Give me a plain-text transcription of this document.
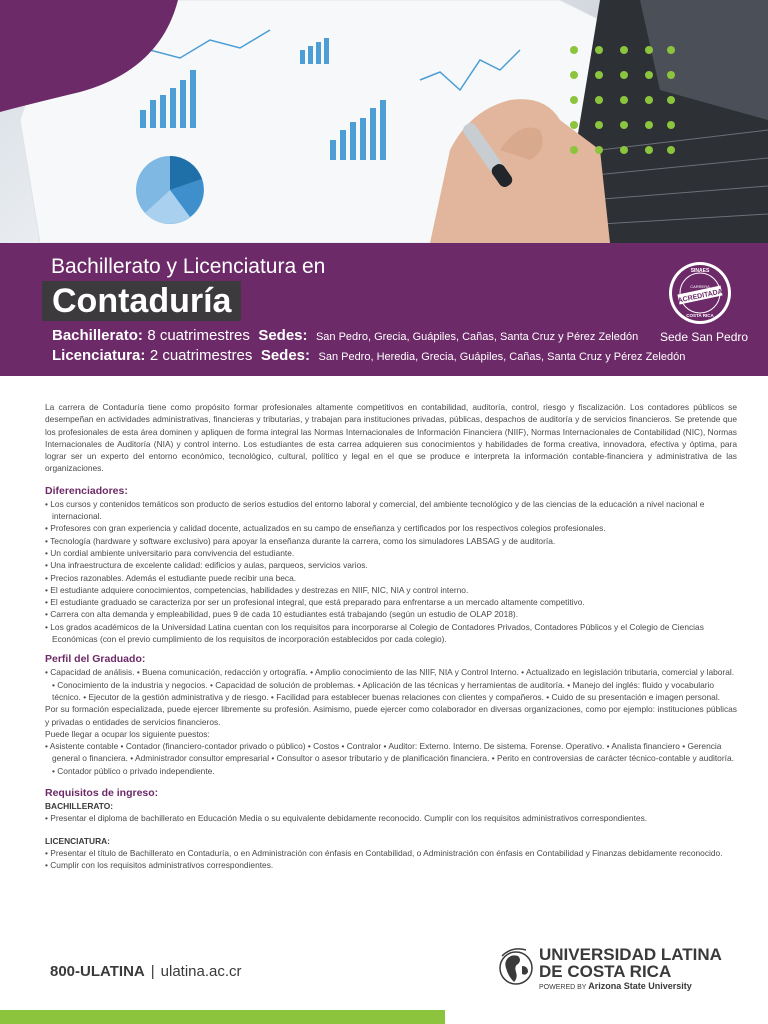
Bachillerato y Licenciatura en
Contaduría
Bachillerato: 8 cuatrimestres Sedes: San Pedro, Grecia, Guápiles, Cañas, Santa Cruz y Pérez Zeledón
Licenciatura: 2 cuatrimestres Sedes: San Pedro, Heredia, Grecia, Guápiles, Cañas, Santa Cruz y Pérez Zeledón
Sede San Pedro
SINAES
CARRERA
ACREDITADA
COSTA RICA

La carrera de Contaduría tiene como propósito formar profesionales altamente competitivos en contabilidad, auditoría, control, riesgo y fiscalización. Los contadores públicos se desempeñan en actividades administrativas, financieras y tributarias, y trabajan para instituciones privadas, públicas, despachos de auditoría y de servicios financieros. Se pretende que los profesionales de esta área dominen y apliquen de forma integral las Normas Internacionales de Información Financiera (NIIF), Normas Internacionales de Contabilidad (NIC), Normas Internacionales de Auditoría (NIA) y control interno. Los estudiantes de esta carrea adquieren sus conocimientos y habilidades de forma creativa, innovadora, efectiva y óptima, para lograr ser un experto del entorno económico, tecnológico, cultural, político y legal en el que se produce e interpreta la información contable-financiera y administrativa de las organizaciones.

Diferenciadores:

• Los cursos y contenidos temáticos son producto de serios estudios del entorno laboral y comercial, del ambiente tecnológico y de las ciencias de la educación a nivel nacional e internacional.

• Profesores con gran experiencia y calidad docente, actualizados en su campo de enseñanza y certificados por los respectivos colegios profesionales.

• Tecnología (hardware y software exclusivo) para apoyar la enseñanza durante la carrera, como los simuladores LABSAG y de auditoría.

• Un cordial ambiente universitario para convivencia del estudiante.

• Una infraestructura de excelente calidad: edificios y aulas, parqueos, servicios varios.

• Precios razonables. Además el estudiante puede recibir una beca.

• El estudiante adquiere conocimientos, competencias, habilidades y destrezas en NIIF, NIC, NIA y control interno.

• El estudiante graduado se caracteriza por ser un profesional integral, que está preparado para enfrentarse a un mercado altamente competitivo.

• Carrera con alta demanda y empleabilidad, pues 9 de cada 10 estudiantes está trabajando (según un estudio de OLAP 2018).

• Los grados académicos de la Universidad Latina cuentan con los requisitos para incorporarse al Colegio de Contadores Privados, Contadores Públicos y el Colegio de Ciencias Económicas (con el previo cumplimiento de los requisitos de incorporación establecidos por cada colegio).

Perfil del Graduado:

• Capacidad de análisis. • Buena comunicación, redacción y ortografía. • Amplio conocimiento de las NIIF, NIA y Control Interno. • Actualizado en legislación tributaria, comercial y laboral. • Conocimiento de la industria y negocios. • Capacidad de solución de problemas. • Aplicación de las técnicas y herramientas de auditoría. • Manejo del inglés: fluido y vocabulario técnico. • Ejecutor de la gestión administrativa y de riesgo. • Facilidad para establecer buenas relaciones con clientes y compañeros. • Cuido de su presentación e imagen personal.

Por su formación especializada, puede ejercer libremente su profesión. Asimismo, puede ejercer como colaborador en diversas organizaciones, como por ejemplo: instituciones públicas y privadas o entidades de servicios financieros.

Puede llegar a ocupar los siguiente puestos:

• Asistente contable • Contador (financiero-contador privado o público) • Costos • Contralor • Auditor: Externo. Interno. De sistema. Forense. Operativo. • Analista financiero • Gerencia general o financiera. • Administrador consultor empresarial • Consultor o asesor tributario y de planificación financiera. • Perito en controversias de carácter técnico-contable y auditoría. • Contador público o privado independiente.

Requisitos de ingreso:

BACHILLERATO:

• Presentar el diploma de bachillerato en Educación Media o su equivalente debidamente reconocido. Cumplir con los requisitos administrativos correspondientes.

LICENCIATURA:

• Presentar el título de Bachillerato en Contaduría, o en Administración con énfasis en Contabilidad, o Administración con énfasis en Contabilidad y Finanzas debidamente reconocido.

• Cumplir con los requisitos administrativos correspondientes.

800-ULATINA | ulatina.ac.cr
UNIVERSIDAD LATINA
DE COSTA RICA
POWERED BY Arizona State University
